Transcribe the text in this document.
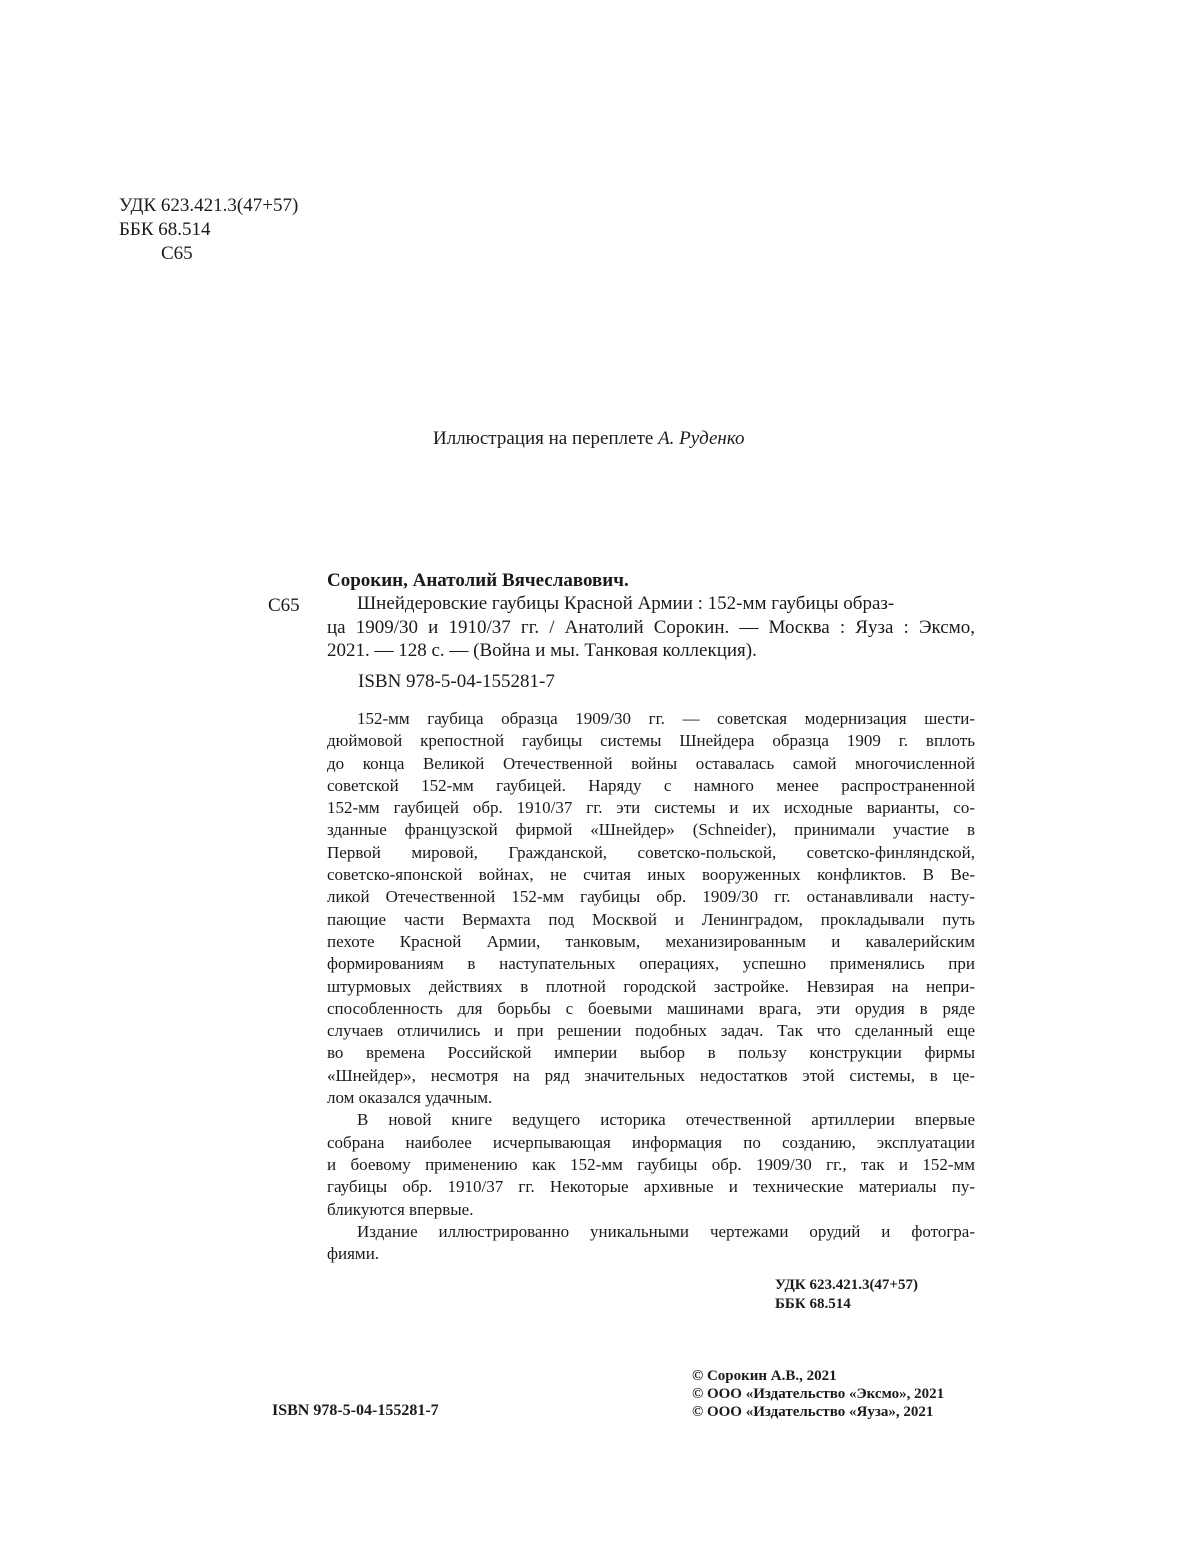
УДК 623.421.3(47+57)
ББК 68.514
С65
Иллюстрация на переплете А. Руденко
Сорокин, Анатолий Вячеславович.
С65	Шнейдеровские гаубицы Красной Армии : 152-мм гаубицы образ-
ца 1909/30 и 1910/37 гг. / Анатолий Сорокин. — Москва : Яуза : Эксмо,
2021. — 128 с. — (Война и мы. Танковая коллекция).
ISBN 978-5-04-155281-7

152-мм гаубица образца 1909/30 гг. — советская модернизация шести-
дюймовой крепостной гаубицы системы Шнейдера образца 1909 г. вплоть
до конца Великой Отечественной войны оставалась самой многочисленной
советской 152-мм гаубицей. Наряду с намного менее распространенной
152-мм гаубицей обр. 1910/37 гг. эти системы и их исходные варианты, со-
зданные французской фирмой «Шнейдер» (Schneider), принимали участие в
Первой мировой, Гражданской, советско-польской, советско-финляндской,
советско-японской войнах, не считая иных вооруженных конфликтов. В Ве-
ликой Отечественной 152-мм гаубицы обр. 1909/30 гг. останавливали насту-
пающие части Вермахта под Москвой и Ленинградом, прокладывали путь
пехоте Красной Армии, танковым, механизированным и кавалерийским
формированиям в наступательных операциях, успешно применялись при
штурмовых действиях в плотной городской застройке. Невзирая на непри-
способленность для борьбы с боевыми машинами врага, эти орудия в ряде
случаев отличились и при решении подобных задач. Так что сделанный еще
во времена Российской империи выбор в пользу конструкции фирмы
«Шнейдер», несмотря на ряд значительных недостатков этой системы, в це-
лом оказался удачным.

В новой книге ведущего историка отечественной артиллерии впервые
собрана наиболее исчерпывающая информация по созданию, эксплуатации
и боевому применению как 152-мм гаубицы обр. 1909/30 гг., так и 152-мм
гаубицы обр. 1910/37 гг. Некоторые архивные и технические материалы пу-
бликуются впервые.

Издание иллюстрированно уникальными чертежами орудий и фотогра-
фиями.

УДК 623.421.3(47+57)
ББК 68.514
ISBN 978-5-04-155281-7
© Сорокин А.В., 2021
© ООО «Издательство «Эксмо», 2021
© ООО «Издательство «Яуза», 2021
